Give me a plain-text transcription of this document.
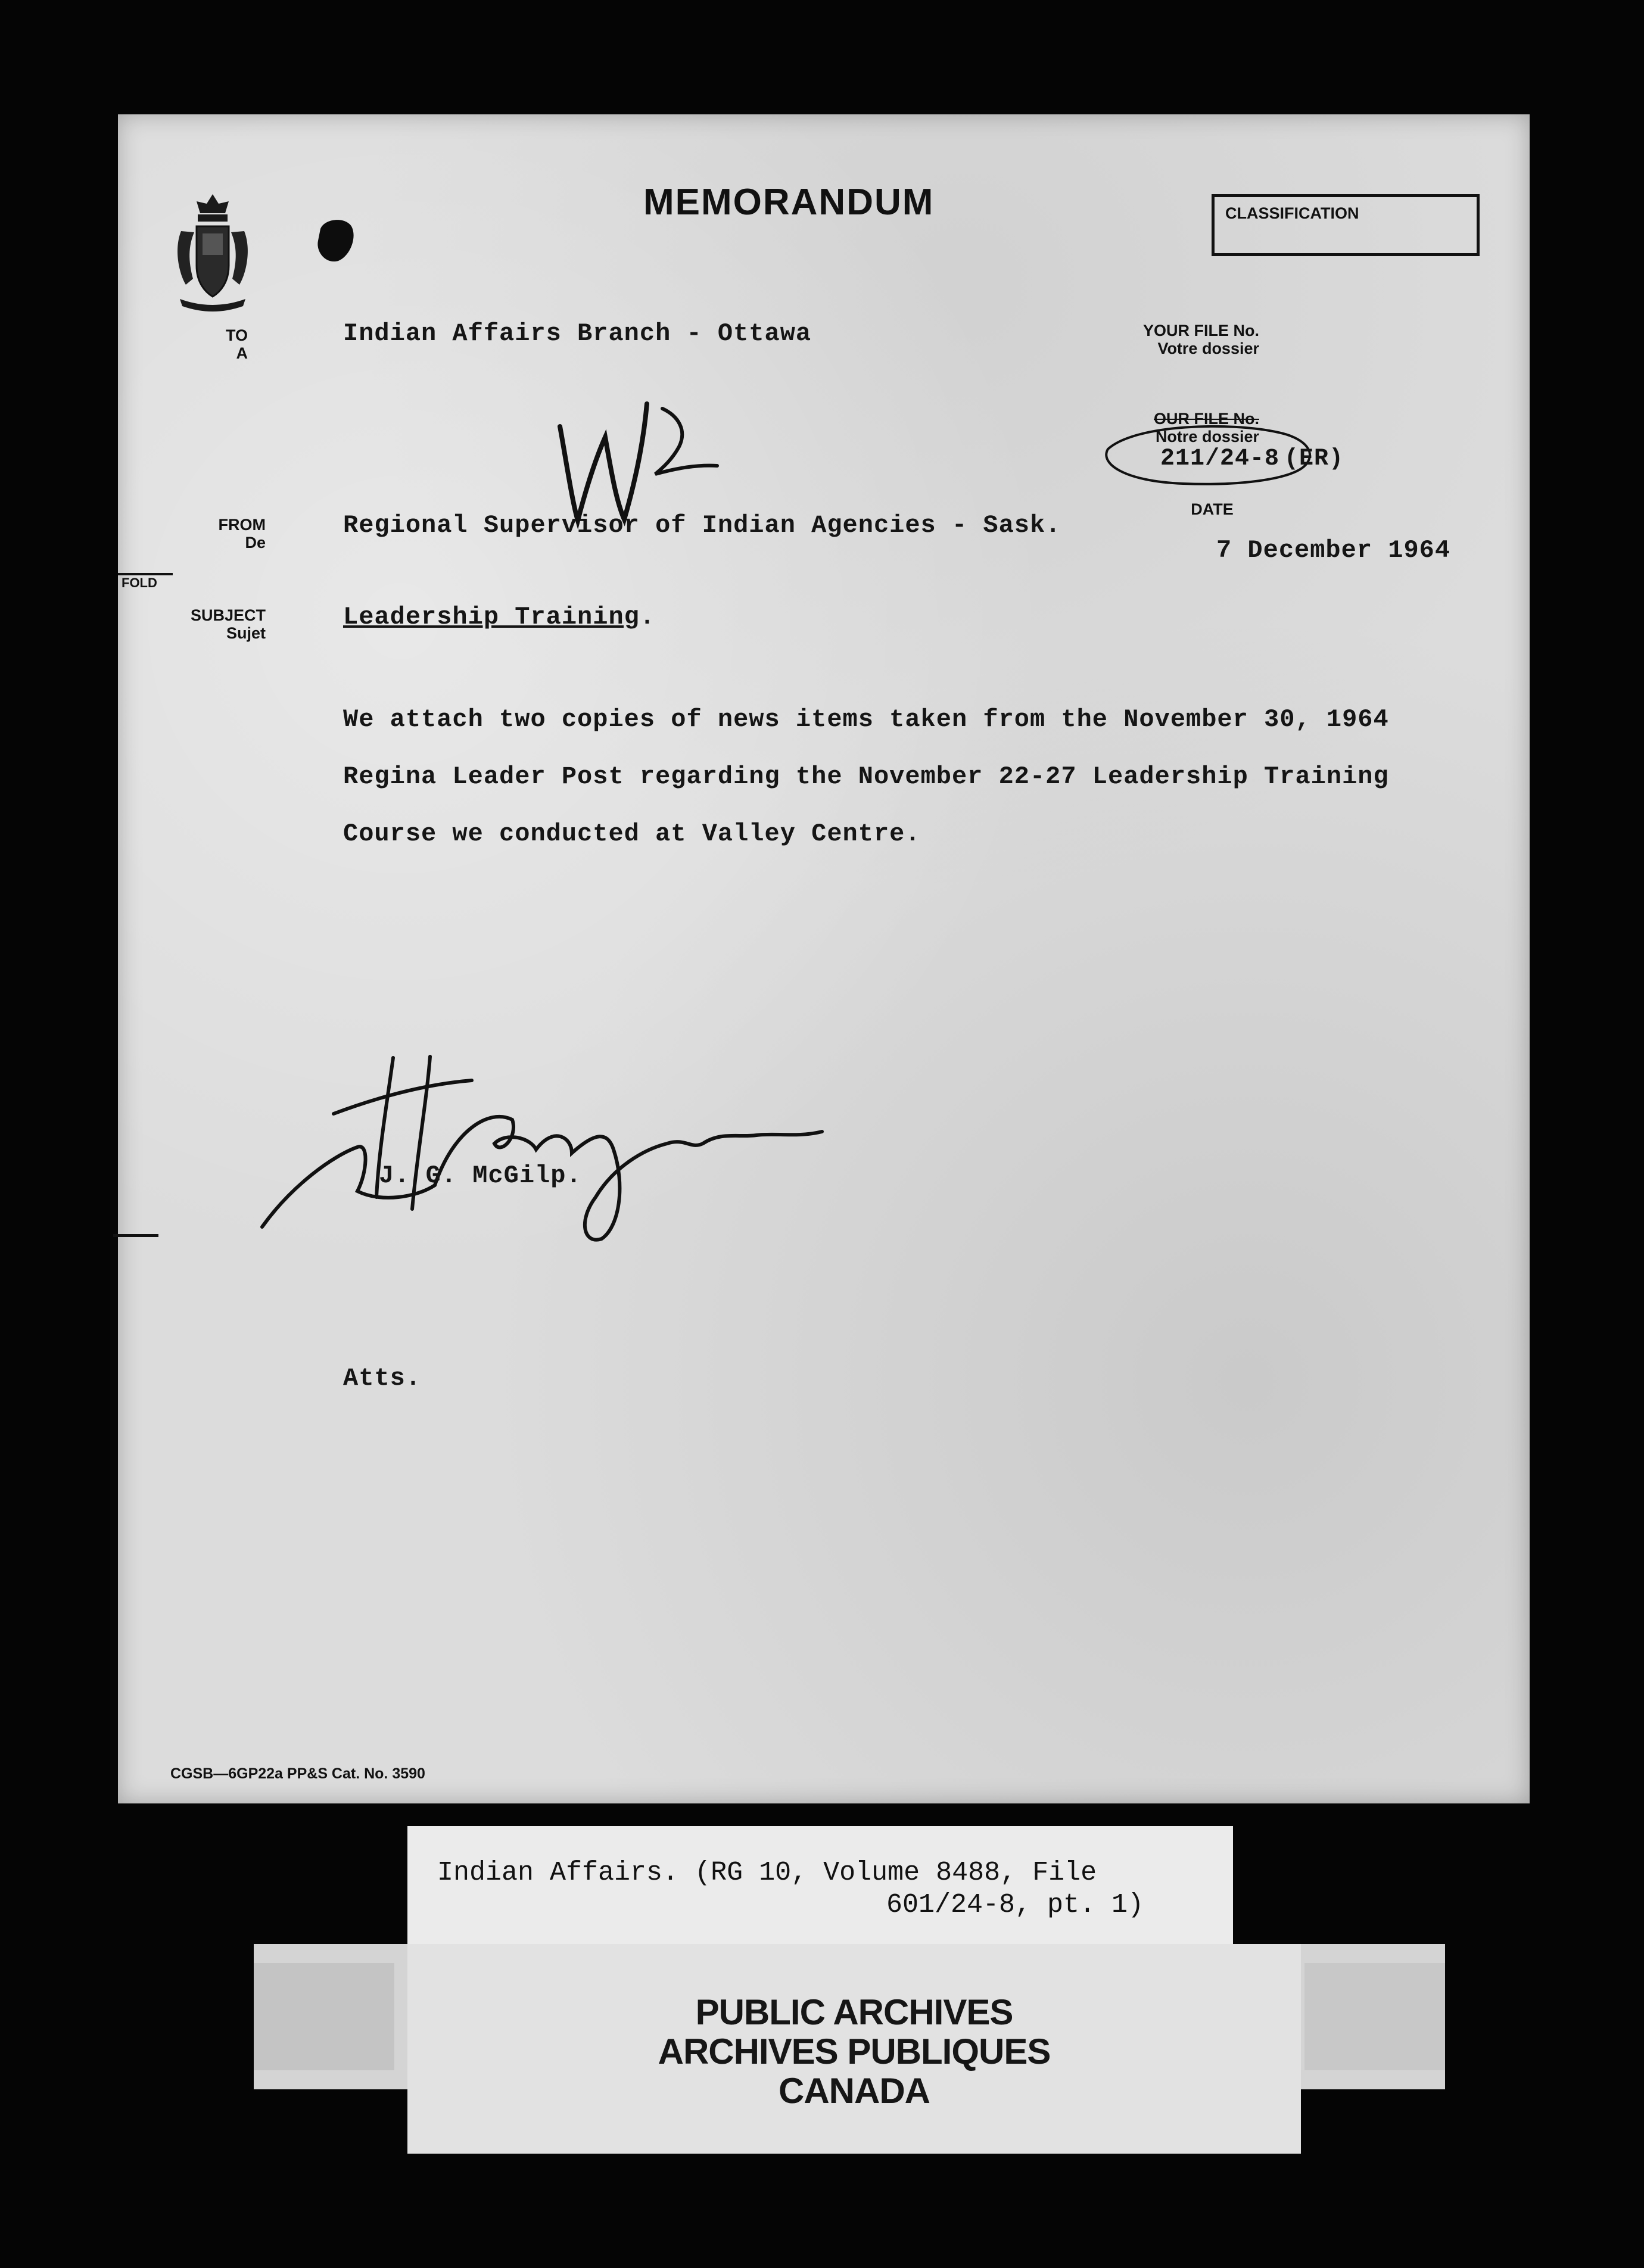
MEMORANDUM	CLASSIFICATION
TO
A
Indian Affairs Branch - Ottawa	YOUR FILE No.
Votre dossier
OUR FILE No.
Notre dossier
211/24-8 (ER)
FROM
De
Regional Supervisor of Indian Agencies - Sask.
DATE
7 December 1964
FOLD
SUBJECT
Sujet
Leadership Training.
We attach two copies of news items taken from the November 30, 1964
Regina Leader Post regarding the November 22-27 Leadership Training
Course we conducted at Valley Centre.
J. G. McGilp.
Atts.
CGSB—6GP22a PP&S Cat. No. 3590
Indian Affairs. (RG 10, Volume 8488, File
601/24-8, pt. 1)
PUBLIC ARCHIVES
ARCHIVES PUBLIQUES
CANADA
